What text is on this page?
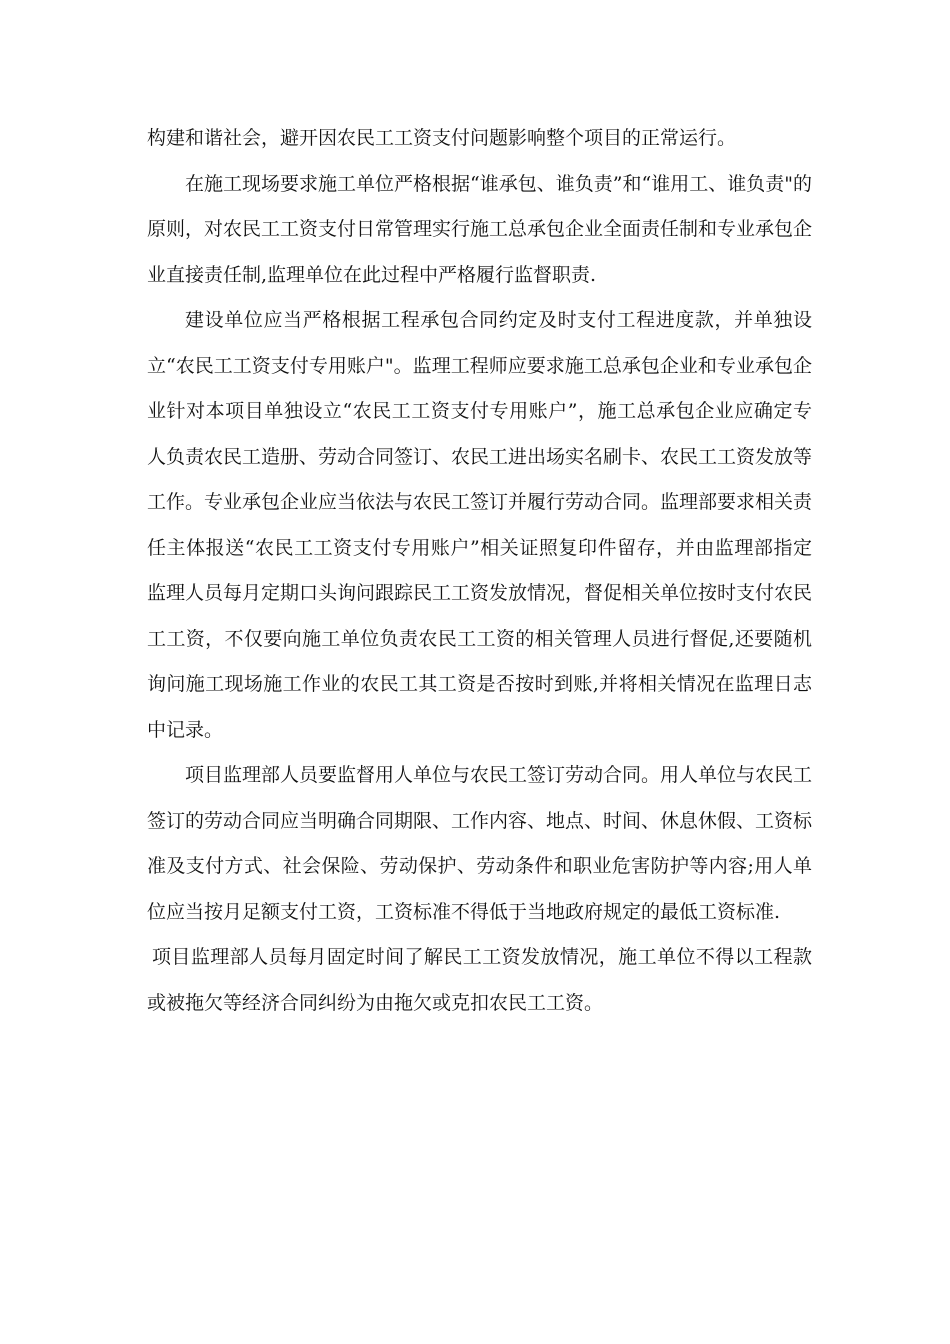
构建和谐社会，避开因农民工工资支付问题影响整个项目的正常运行。

在施工现场要求施工单位严格根据“谁承包、谁负责”和“谁用工、谁负责"的原则，对农民工工资支付日常管理实行施工总承包企业全面责任制和专业承包企业直接责任制,监理单位在此过程中严格履行监督职责.

建设单位应当严格根据工程承包合同约定及时支付工程进度款，并单独设立“农民工工资支付专用账户"。监理工程师应要求施工总承包企业和专业承包企业针对本项目单独设立“农民工工资支付专用账户”，施工总承包企业应确定专人负责农民工造册、劳动合同签订、农民工进出场实名刷卡、农民工工资发放等工作。专业承包企业应当依法与农民工签订并履行劳动合同。监理部要求相关责任主体报送“农民工工资支付专用账户”相关证照复印件留存，并由监理部指定监理人员每月定期口头询问跟踪民工工资发放情况，督促相关单位按时支付农民工工资，不仅要向施工单位负责农民工工资的相关管理人员进行督促,还要随机询问施工现场施工作业的农民工其工资是否按时到账,并将相关情况在监理日志中记录。

项目监理部人员要监督用人单位与农民工签订劳动合同。用人单位与农民工签订的劳动合同应当明确合同期限、工作内容、地点、时间、休息休假、工资标准及支付方式、社会保险、劳动保护、劳动条件和职业危害防护等内容;用人单位应当按月足额支付工资，工资标准不得低于当地政府规定的最低工资标准.

项目监理部人员每月固定时间了解民工工资发放情况，施工单位不得以工程款或被拖欠等经济合同纠纷为由拖欠或克扣农民工工资。
